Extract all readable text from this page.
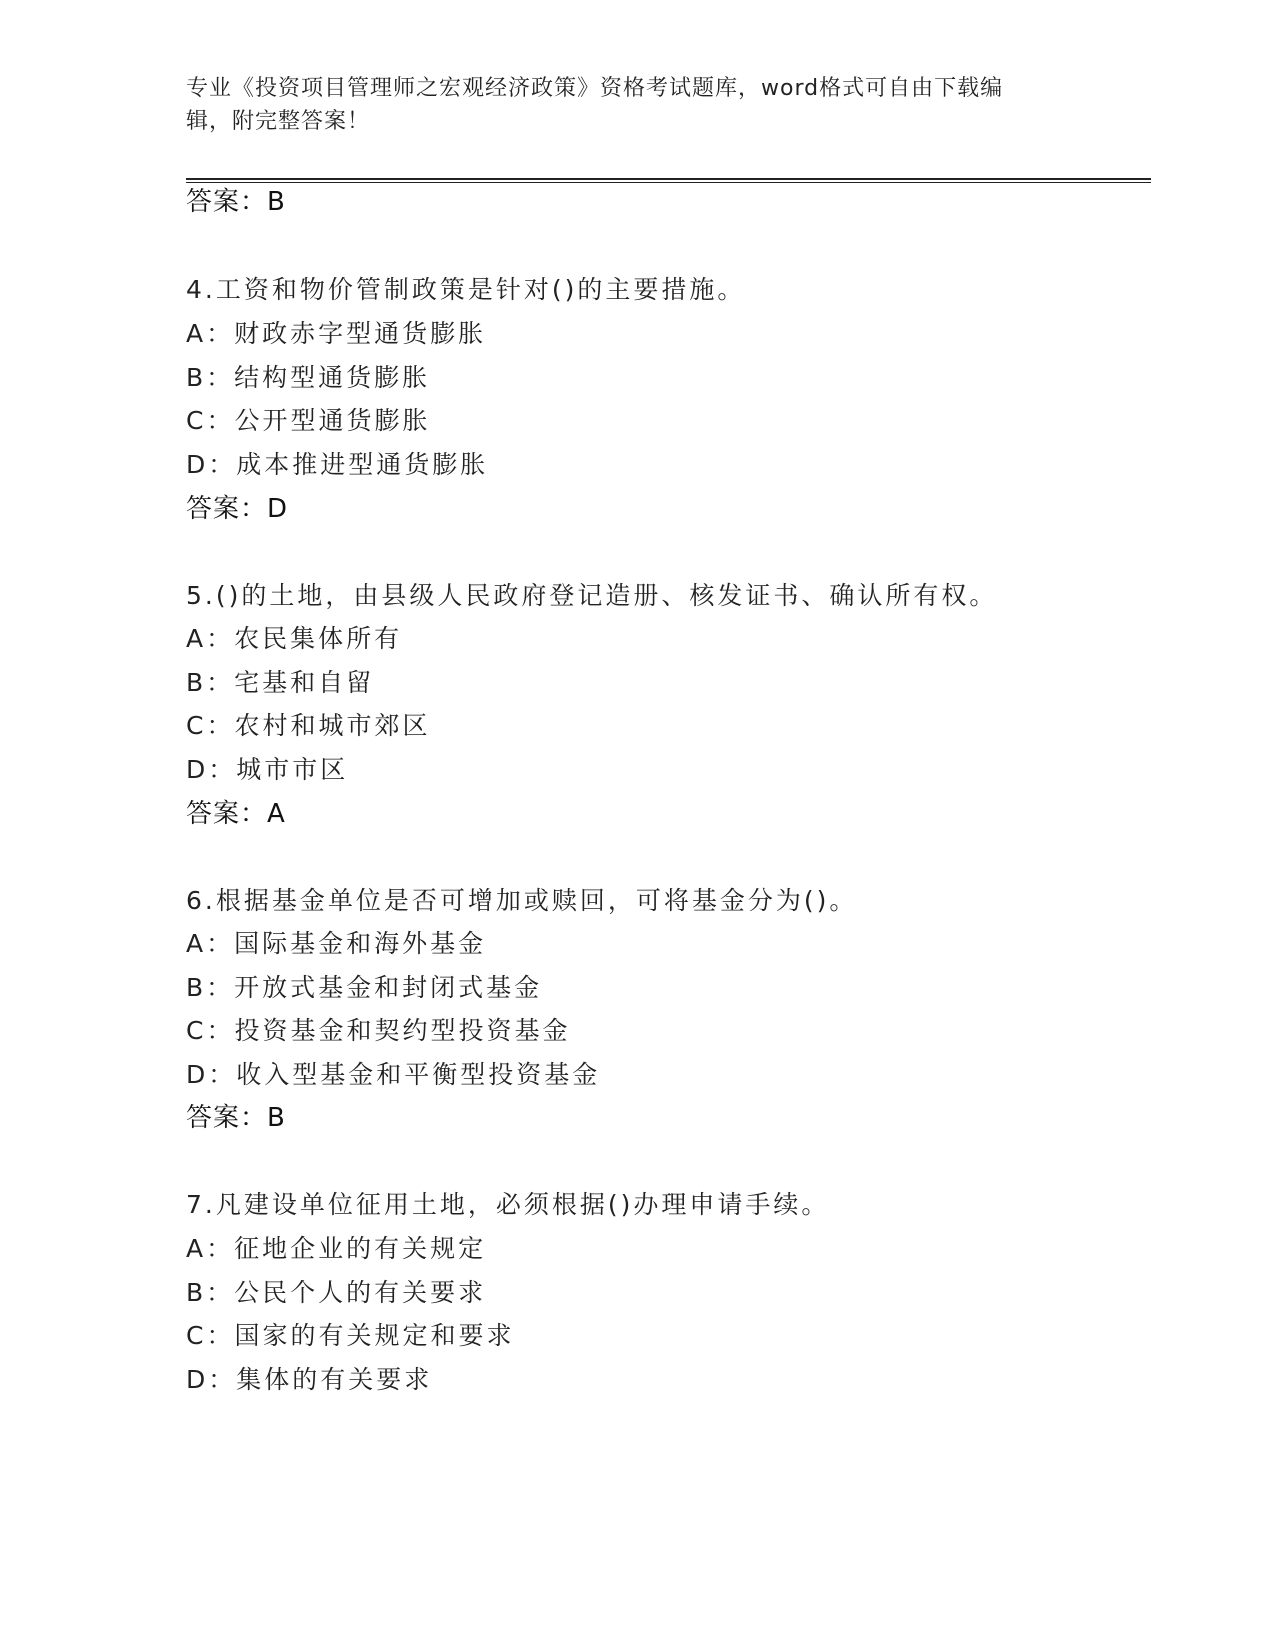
专业《投资项目管理师之宏观经济政策》资格考试题库，word格式可自由下载编
辑，附完整答案！
答案：B
4.工资和物价管制政策是针对()的主要措施。
A：财政赤字型通货膨胀
B：结构型通货膨胀
C：公开型通货膨胀
D：成本推进型通货膨胀
答案：D
5.()的土地，由县级人民政府登记造册、核发证书、确认所有权。
A：农民集体所有
B：宅基和自留
C：农村和城市郊区
D：城市市区
答案：A
6.根据基金单位是否可增加或赎回，可将基金分为()。
A：国际基金和海外基金
B：开放式基金和封闭式基金
C：投资基金和契约型投资基金
D：收入型基金和平衡型投资基金
答案：B
7.凡建设单位征用土地，必须根据()办理申请手续。
A：征地企业的有关规定
B：公民个人的有关要求
C：国家的有关规定和要求
D：集体的有关要求
